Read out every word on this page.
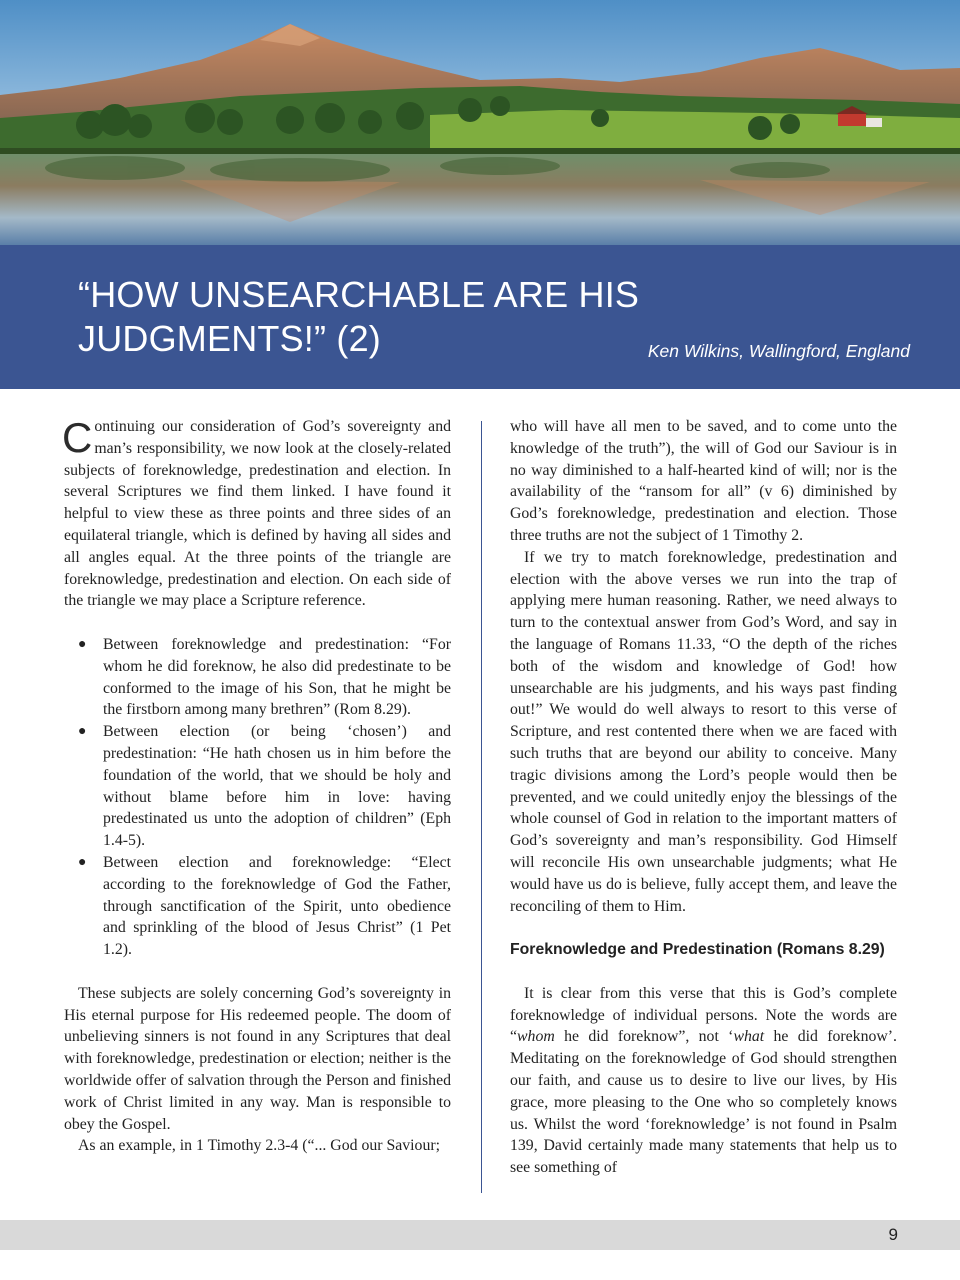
“HOW UNSEARCHABLE ARE HIS
JUDGMENTS!” (2)	Ken Wilkins, Wallingford, England

Continuing our consideration of God’s sovereignty and man’s responsibility, we now look at the closely-related subjects of foreknowledge, predestination and election. In several Scriptures we find them linked. I have found it helpful to view these as three points and three sides of an equilateral triangle, which is defined by having all sides and all angles equal. At the three points of the triangle are foreknowledge, predestination and election. On each side of the triangle we may place a Scripture reference.

● Between foreknowledge and predestination: “For whom he did foreknow, he also did predestinate to be conformed to the image of his Son, that he might be the firstborn among many brethren” (Rom 8.29).
● Between election (or being ‘chosen’) and predestination: “He hath chosen us in him before the foundation of the world, that we should be holy and without blame before him in love: having predestinated us unto the adoption of children” (Eph 1.4-5).
● Between election and foreknowledge: “Elect according to the foreknowledge of God the Father, through sanctification of the Spirit, unto obedience and sprinkling of the blood of Jesus Christ” (1 Pet 1.2).

These subjects are solely concerning God’s sovereignty in His eternal purpose for His redeemed people. The doom of unbelieving sinners is not found in any Scriptures that deal with foreknowledge, predestination or election; neither is the worldwide offer of salvation through the Person and finished work of Christ limited in any way. Man is responsible to obey the Gospel.

As an example, in 1 Timothy 2.3-4 (“... God our Saviour;

who will have all men to be saved, and to come unto the knowledge of the truth”), the will of God our Saviour is in no way diminished to a half-hearted kind of will; nor is the availability of the “ransom for all” (v 6) diminished by God’s foreknowledge, predestination and election. Those three truths are not the subject of 1 Timothy 2.

If we try to match foreknowledge, predestination and election with the above verses we run into the trap of applying mere human reasoning. Rather, we need always to turn to the contextual answer from God’s Word, and say in the language of Romans 11.33, “O the depth of the riches both of the wisdom and knowledge of God! how unsearchable are his judgments, and his ways past finding out!” We would do well always to resort to this verse of Scripture, and rest contented there when we are faced with such truths that are beyond our ability to conceive. Many tragic divisions among the Lord’s people would then be prevented, and we could unitedly enjoy the blessings of the whole counsel of God in relation to the important matters of God’s sovereignty and man’s responsibility. God Himself will reconcile His own unsearchable judgments; what He would have us do is believe, fully accept them, and leave the reconciling of them to Him.

Foreknowledge and Predestination (Romans 8.29)

It is clear from this verse that this is God’s complete foreknowledge of individual persons. Note the words are “whom he did foreknow”, not ‘what he did foreknow’. Meditating on the foreknowledge of God should strengthen our faith, and cause us to desire to live our lives, by His grace, more pleasing to the One who so completely knows us. Whilst the word ‘foreknowledge’ is not found in Psalm 139, David certainly made many statements that help us to see something of

9
